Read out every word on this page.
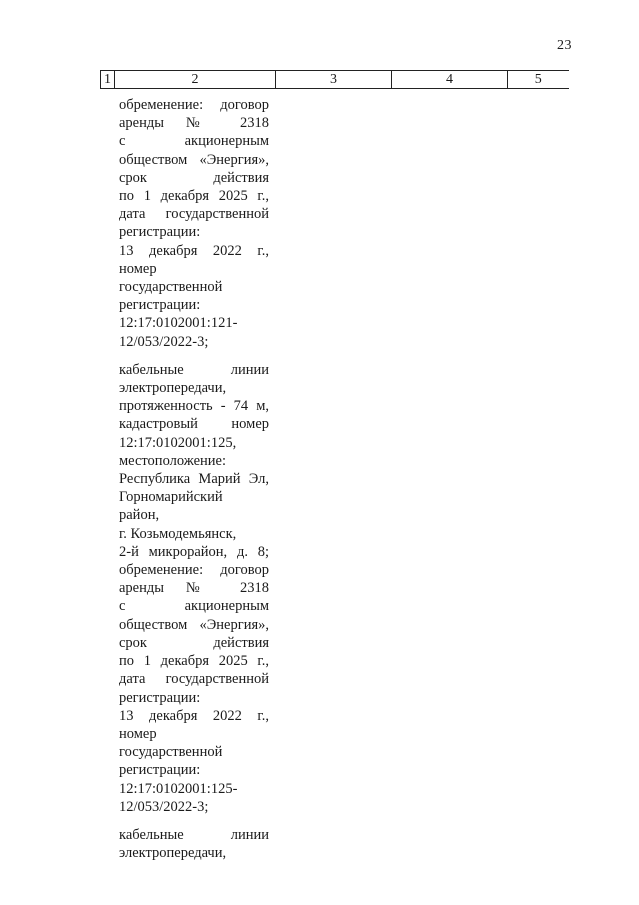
23
1	2	3	4	5
обременение: договор
аренды № 2318
с акционерным
обществом «Энергия»,
срок действия
по 1 декабря 2025 г.,
дата государственной
регистрации:
13 декабря 2022 г.,
номер
государственной
регистрации:
12:17:0102001:121-
12/053/2022-3;
кабельные линии
электропередачи,
протяженность - 74 м,
кадастровый номер
12:17:0102001:125,
местоположение:
Республика Марий Эл,
Горномарийский
район,
г. Козьмодемьянск,
2-й микрорайон, д. 8;
обременение: договор
аренды № 2318
с акционерным
обществом «Энергия»,
срок действия
по 1 декабря 2025 г.,
дата государственной
регистрации:
13 декабря 2022 г.,
номер
государственной
регистрации:
12:17:0102001:125-
12/053/2022-3;
кабельные линии
электропередачи,
